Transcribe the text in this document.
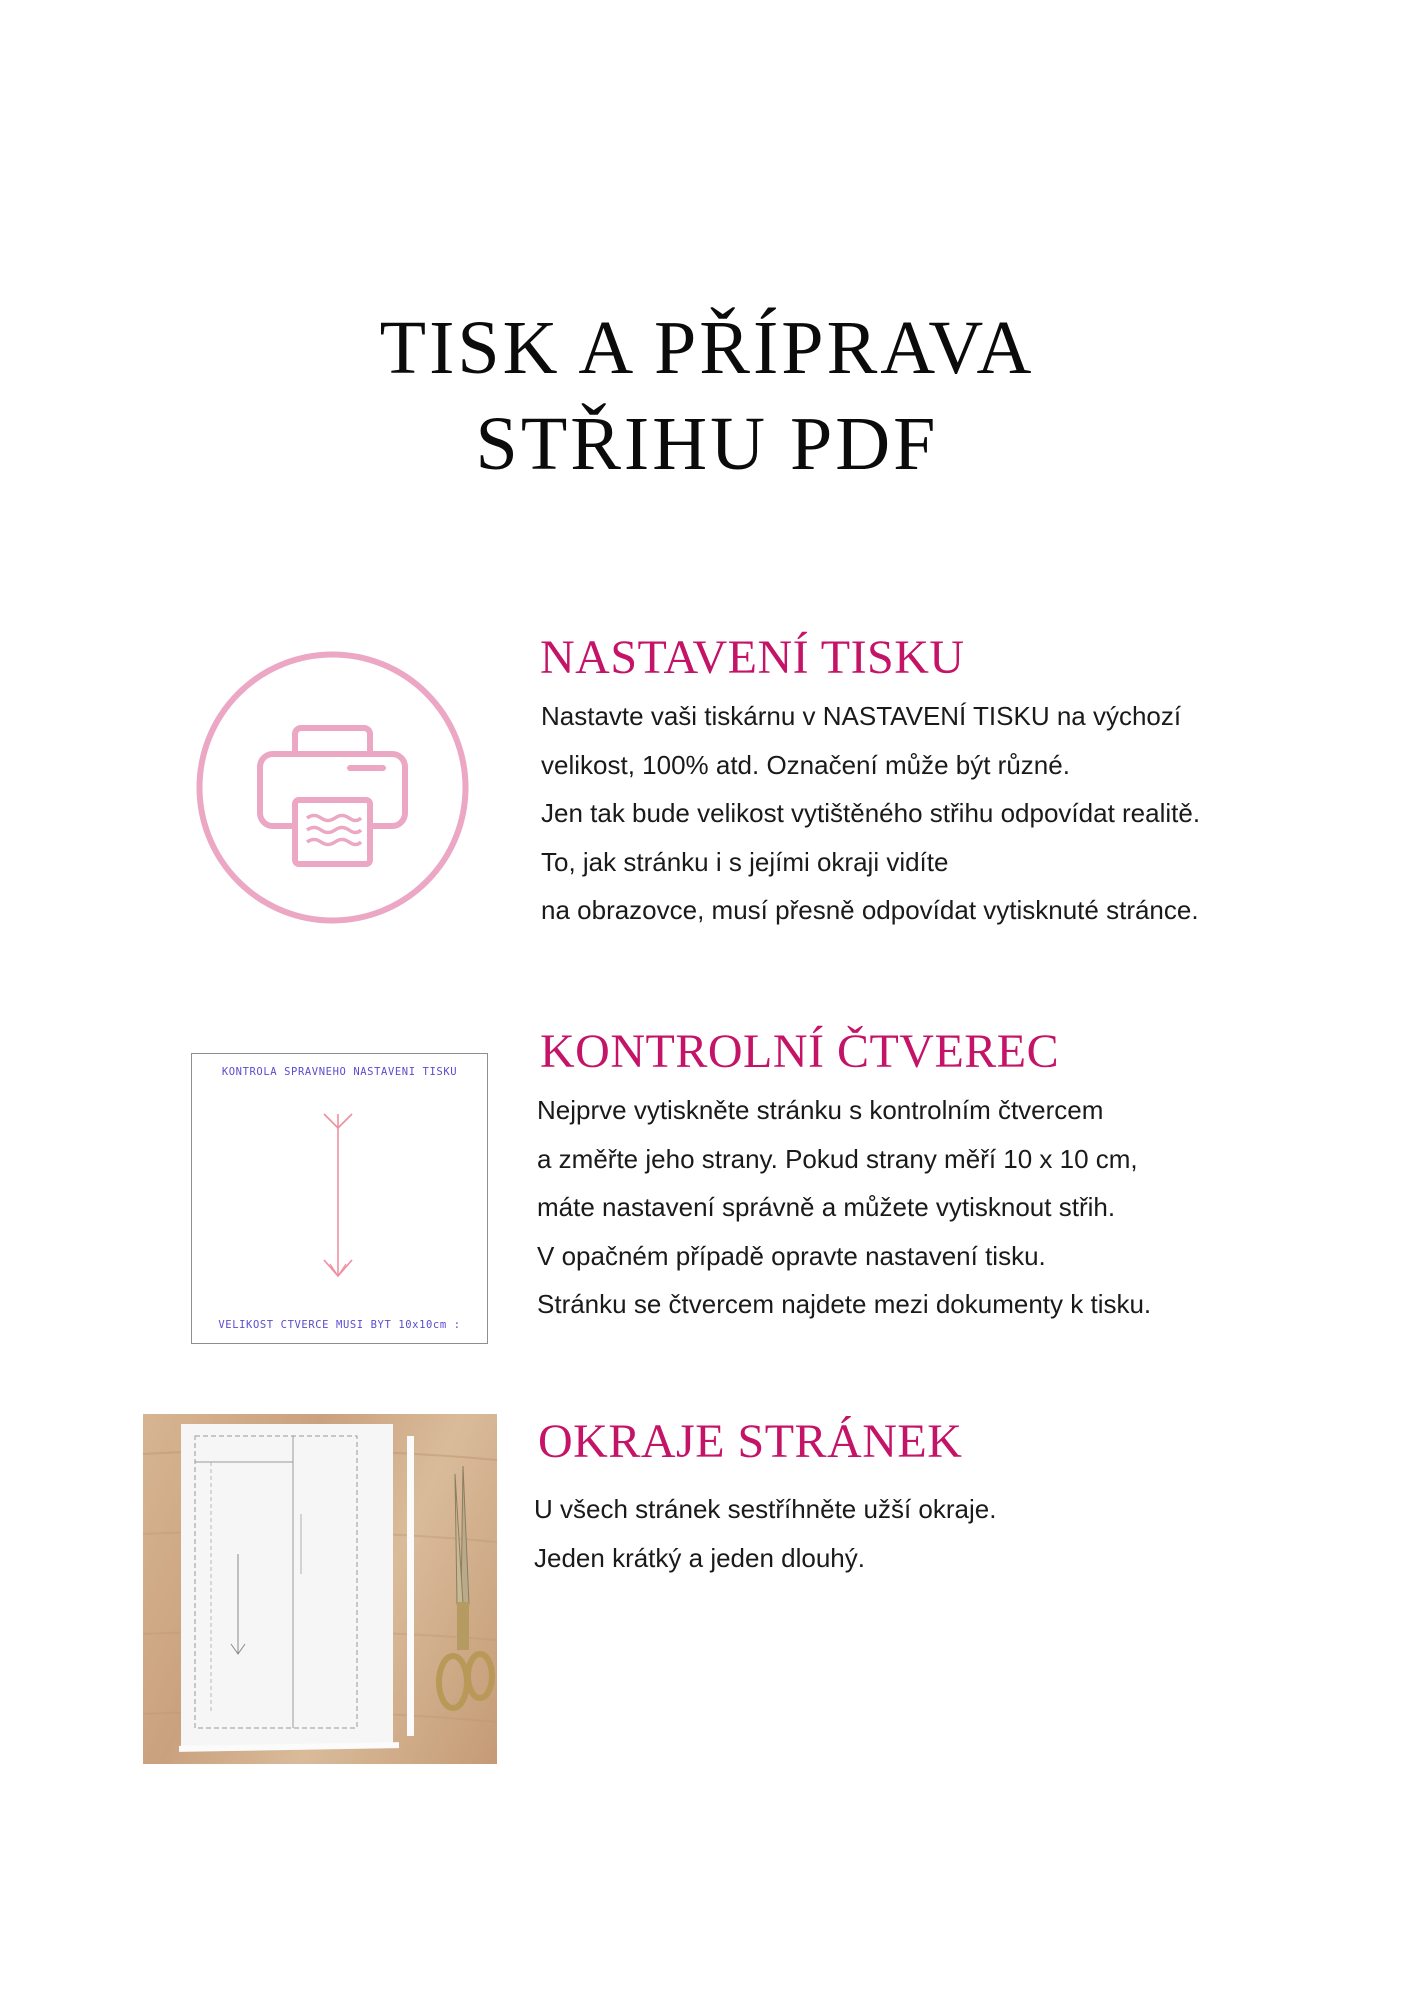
TISK A PŘÍPRAVA
STŘIHU PDF
NASTAVENÍ TISKU
Nastavte vaši tiskárnu v NASTAVENÍ TISKU na výchozí
velikost, 100% atd. Označení může být různé.
Jen tak bude velikost vytištěného střihu odpovídat realitě.
To, jak stránku i s jejími okraji vidíte
na obrazovce, musí přesně odpovídat vytisknuté stránce.
KONTROLA SPRAVNEHO NASTAVENI TISKU
VELIKOST CTVERCE MUSI BYT 10x10cm :
KONTROLNÍ ČTVEREC
Nejprve vytiskněte stránku s kontrolním čtvercem
a změřte jeho strany. Pokud strany měří 10 x 10 cm,
máte nastavení správně a můžete vytisknout střih.
V opačném případě opravte nastavení tisku.
Stránku se čtvercem najdete mezi dokumenty k tisku.
OKRAJE STRÁNEK
U všech stránek sestříhněte užší okraje.
Jeden krátký a jeden dlouhý.
